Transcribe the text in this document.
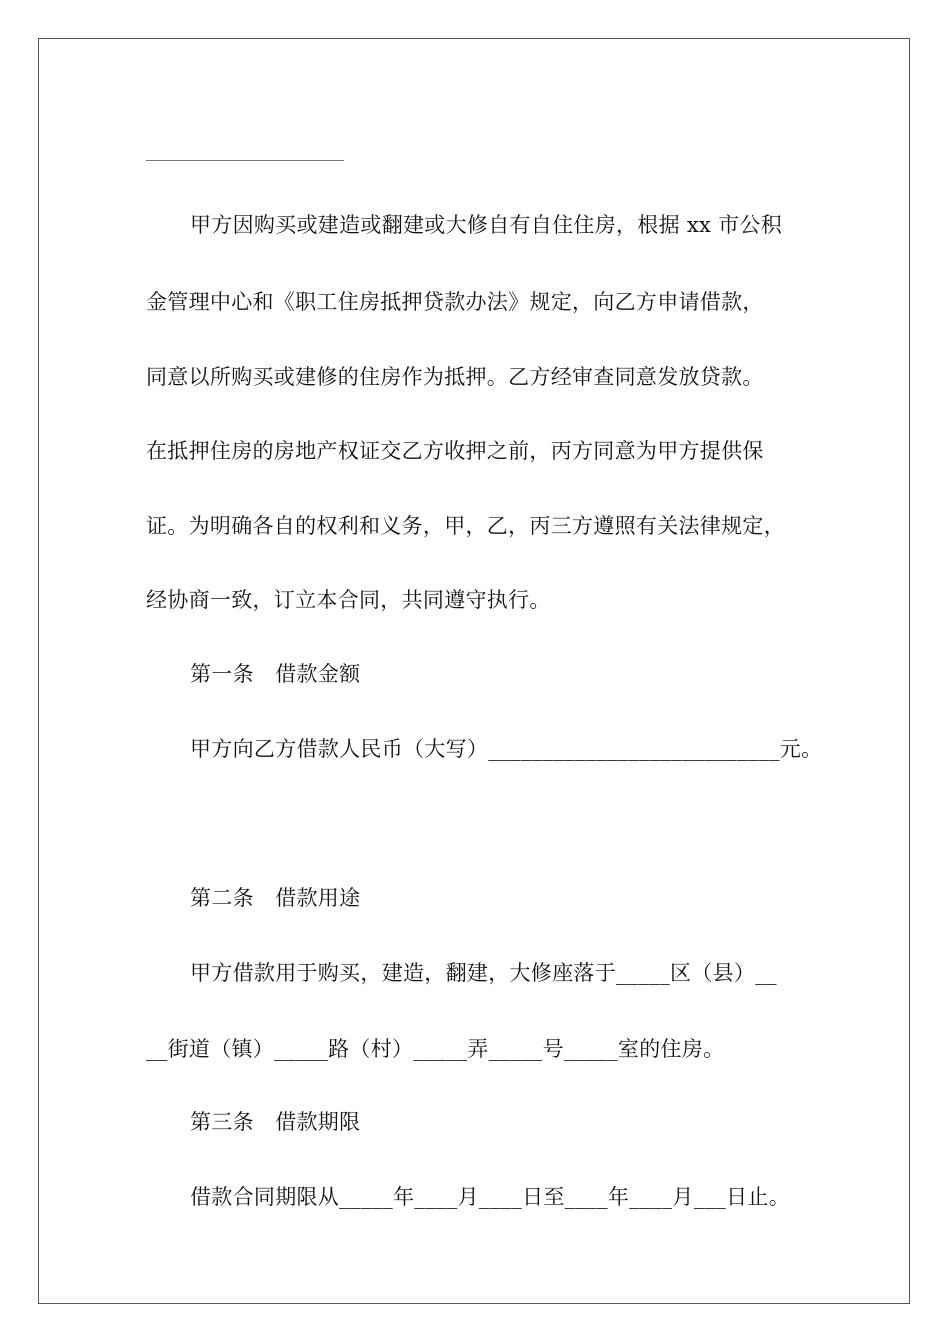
甲方因购买或建造或翻建或大修自有自住住房，根据 xx 市公积
金管理中心和《职工住房抵押贷款办法》规定，向乙方申请借款，
同意以所购买或建修的住房作为抵押。乙方经审查同意发放贷款。
在抵押住房的房地产权证交乙方收押之前，丙方同意为甲方提供保
证。为明确各自的权利和义务，甲，乙，丙三方遵照有关法律规定，
经协商一致，订立本合同，共同遵守执行。
第一条　借款金额
甲方向乙方借款人民币（大写）___________________________元。
第二条　借款用途
甲方借款用于购买，建造，翻建，大修座落于_____区（县）__
__街道（镇）_____路（村）_____弄_____号_____室的住房。
第三条　借款期限
借款合同期限从_____年____月____日至____年____月___日止。
